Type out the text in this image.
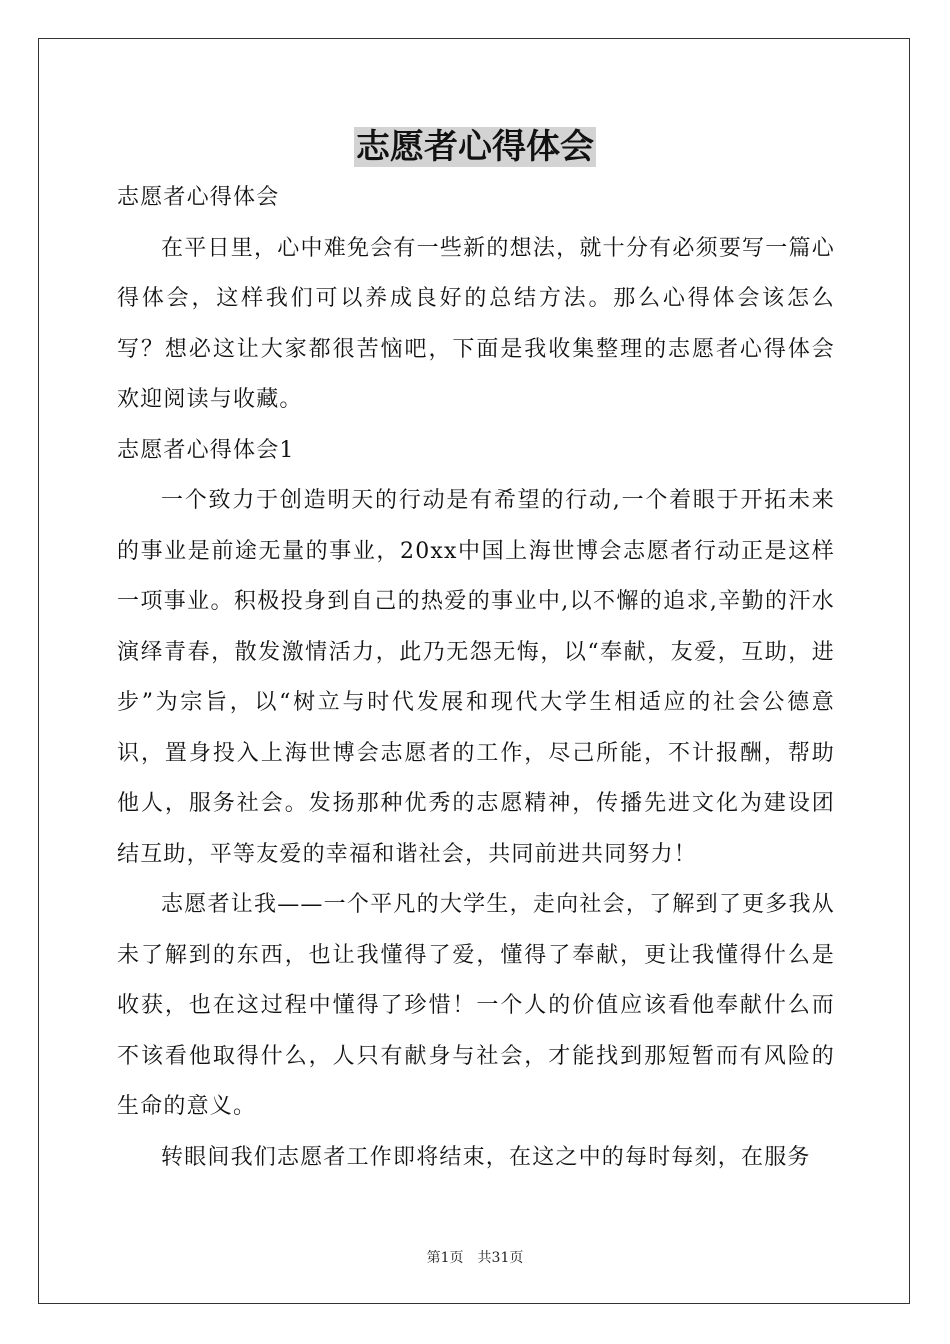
志愿者心得体会

志愿者心得体会

在平日里，心中难免会有一些新的想法，就十分有必须要写一篇心得体会，这样我们可以养成良好的总结方法。那么心得体会该怎么写？想必这让大家都很苦恼吧，下面是我收集整理的志愿者心得体会欢迎阅读与收藏。

志愿者心得体会1

一个致力于创造明天的行动是有希望的行动,一个着眼于开拓未来的事业是前途无量的事业，20xx中国上海世博会志愿者行动正是这样一项事业。积极投身到自己的热爱的事业中,以不懈的追求,辛勤的汗水演绎青春，散发激情活力，此乃无怨无悔，以“奉献，友爱，互助，进步”为宗旨，以“树立与时代发展和现代大学生相适应的社会公德意识，置身投入上海世博会志愿者的工作，尽己所能，不计报酬，帮助他人，服务社会。发扬那种优秀的志愿精神，传播先进文化为建设团结互助，平等友爱的幸福和谐社会，共同前进共同努力！

志愿者让我——一个平凡的大学生，走向社会，了解到了更多我从未了解到的东西，也让我懂得了爱，懂得了奉献，更让我懂得什么是收获，也在这过程中懂得了珍惜！一个人的价值应该看他奉献什么而不该看他取得什么，人只有献身与社会，才能找到那短暂而有风险的生命的意义。

转眼间我们志愿者工作即将结束，在这之中的每时每刻，在服务

第1页 共31页
